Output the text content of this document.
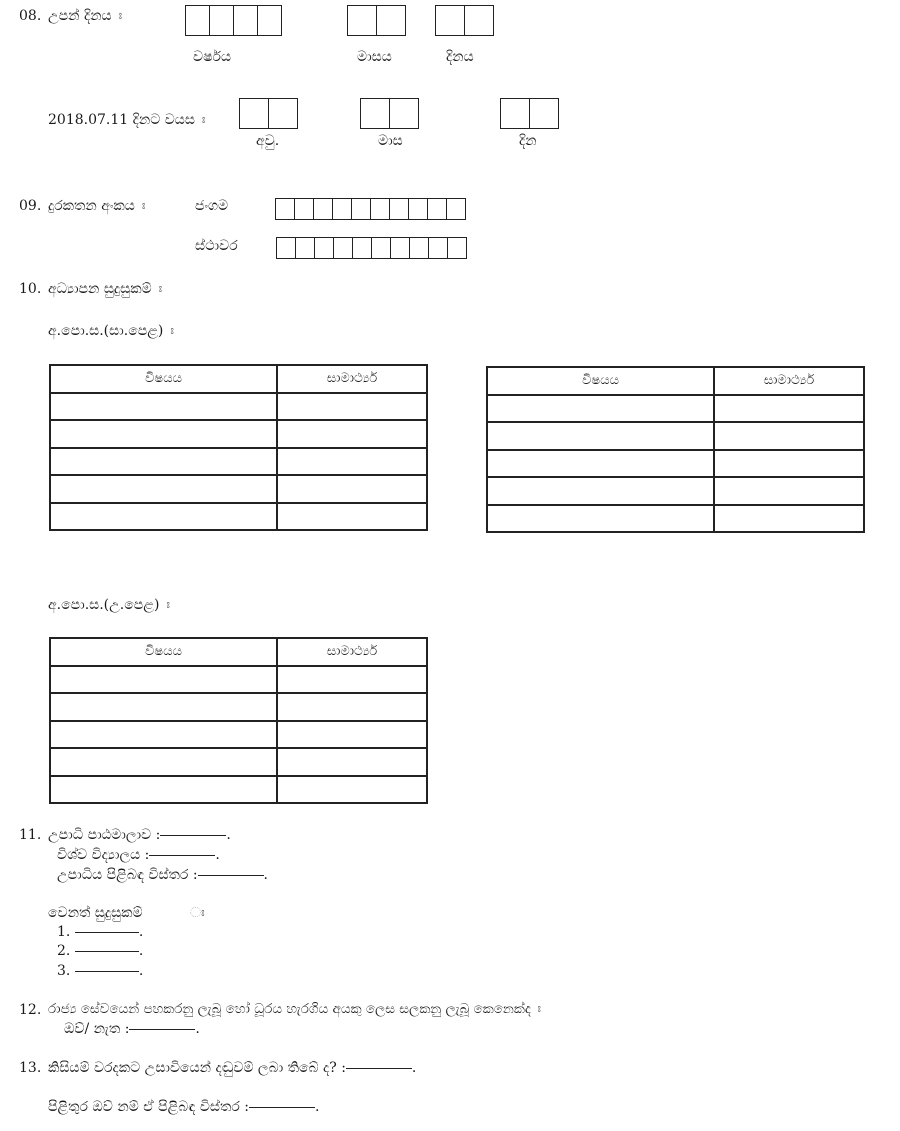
08. උපන් දිනය ඃ
වර්ෂය	මාසය	දිනය
2018.07.11 දිනට වයස ඃ
අවු.	මාස	දින
09. දුරකතන අංකය ඃ	ජංගම
ස්ථාවර
10. අධ්‍යාපන සුදුසුකම් ඃ
අ.පො.ස.(සා.පෙළ) ඃ
විෂයය	සාමාර්ථ්‍ය

		විෂයය	සාමාර්ථ්‍ය

අ.පො.ස.(උ.පෙළ) ඃ
විෂයය	සාමාර්ථ්‍ය

11. උපාධි පාඨමාලාව :	.
විශ්ව විද්‍යාලය :	.
උපාධිය පිළිබඳ විස්තර :	.
වෙනත් සුදුසුකම්	ඃ
1.	.
2.	.
3.	.
12. රාජ්‍ය සේවයෙන් පහකරනු ලැබූ හෝ ධූරය හැරගිය අයකු ලෙස සලකනු ලැබූ කෙනෙක්ද ඃ
ඔව්/ නැත :	.
13. කිසියම් වරදකට උසාවියෙන් දඬුවම් ලබා තිබේ ද? :	.
පිළිතුර ඔව් නම් ඒ පිළිබඳ විස්තර :	.
